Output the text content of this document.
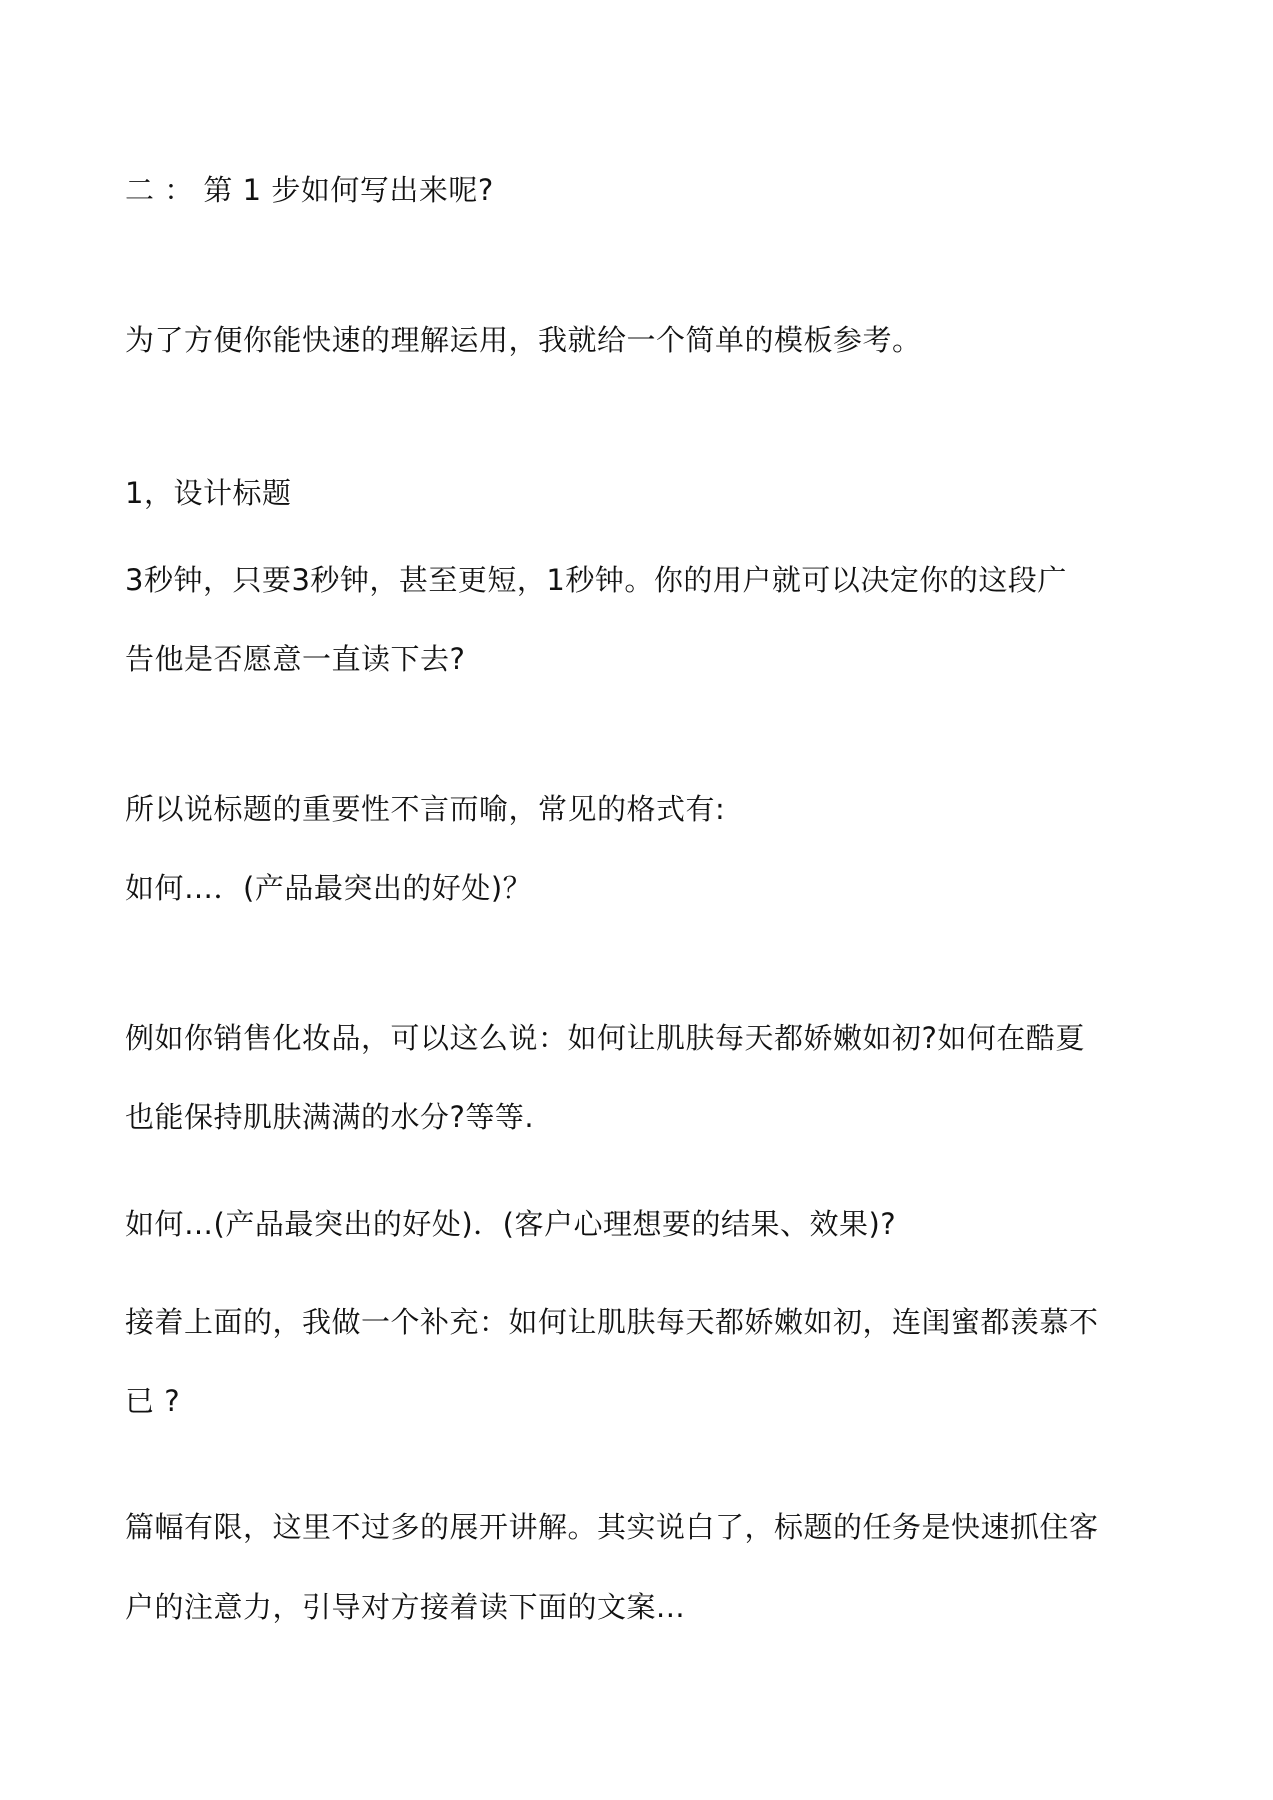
二 ： 第 1 步如何写出来呢?
为了方便你能快速的理解运用，我就给一个简单的模板参考。
1，设计标题
3秒钟，只要3秒钟，甚至更短，1秒钟。你的用户就可以决定你的这段广
告他是否愿意一直读下去?
所以说标题的重要性不言而喻，常见的格式有:
如何…．(产品最突出的好处)？
例如你销售化妆品，可以这么说：如何让肌肤每天都娇嫩如初?如何在酷夏
也能保持肌肤满满的水分?等等.
如何…(产品最突出的好处)．(客户心理想要的结果、效果)?
接着上面的，我做一个补充：如何让肌肤每天都娇嫩如初，连闺蜜都羡慕不
已 ?
篇幅有限，这里不过多的展开讲解。其实说白了，标题的任务是快速抓住客
户的注意力，引导对方接着读下面的文案...
